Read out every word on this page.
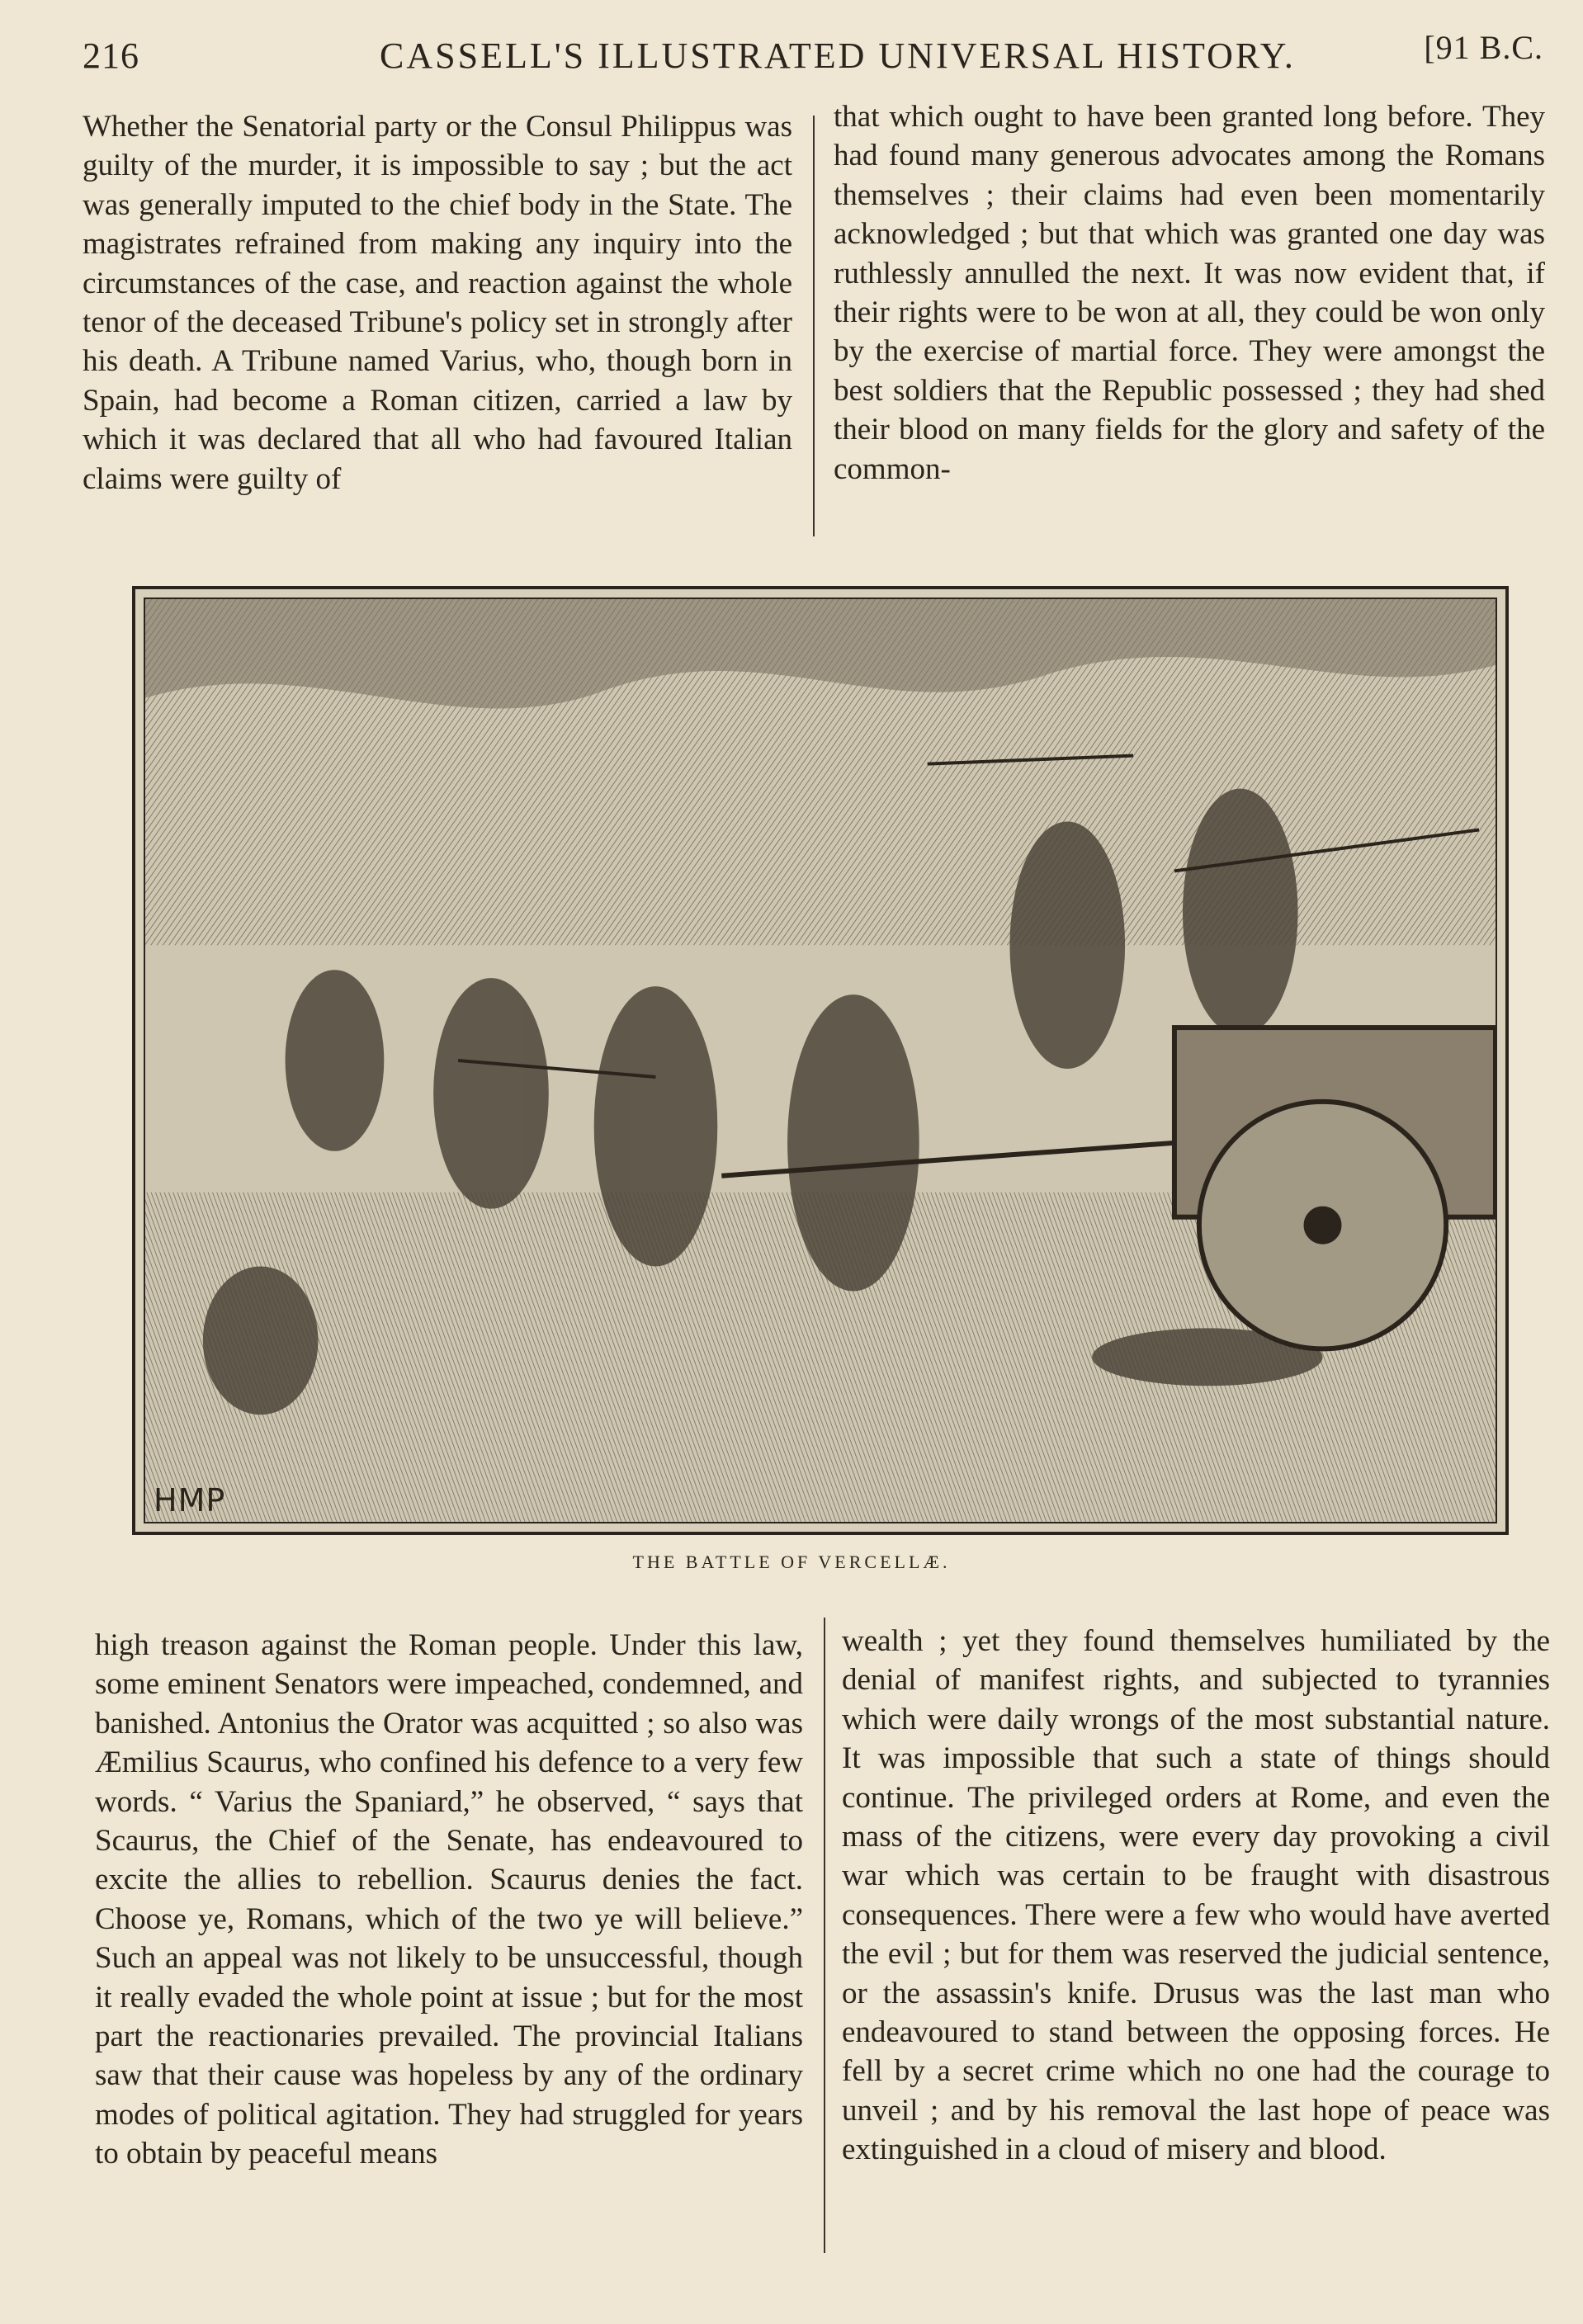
216	CASSELL'S ILLUSTRATED UNIVERSAL HISTORY.	[91 B.C.

Whether the Senatorial party or the Consul Philippus was guilty of the murder, it is impossible to say ; but the act was generally imputed to the chief body in the State. The magistrates refrained from making any inquiry into the circumstances of the case, and reaction against the whole tenor of the deceased Tribune's policy set in strongly after his death. A Tribune named Varius, who, though born in Spain, had become a Roman citizen, carried a law by which it was declared that all who had favoured Italian claims were guilty of

that which ought to have been granted long before. They had found many generous advocates among the Romans themselves ; their claims had even been momentarily acknowledged ; but that which was granted one day was ruthlessly annulled the next. It was now evident that, if their rights were to be won at all, they could be won only by the exercise of martial force. They were amongst the best soldiers that the Republic possessed ; they had shed their blood on many fields for the glory and safety of the common-

HMP
THE BATTLE OF VERCELLÆ.

high treason against the Roman people. Under this law, some eminent Senators were impeached, condemned, and banished. Antonius the Orator was acquitted ; so also was Æmilius Scaurus, who confined his defence to a very few words. “ Varius the Spaniard,” he observed, “ says that Scaurus, the Chief of the Senate, has endeavoured to excite the allies to rebellion. Scaurus denies the fact. Choose ye, Romans, which of the two ye will believe.” Such an appeal was not likely to be unsuccessful, though it really evaded the whole point at issue ; but for the most part the reactionaries prevailed. The provincial Italians saw that their cause was hopeless by any of the ordinary modes of political agitation. They had struggled for years to obtain by peaceful means

wealth ; yet they found themselves humiliated by the denial of manifest rights, and subjected to tyrannies which were daily wrongs of the most substantial nature. It was impossible that such a state of things should continue. The privileged orders at Rome, and even the mass of the citizens, were every day provoking a civil war which was certain to be fraught with disastrous consequences. There were a few who would have averted the evil ; but for them was reserved the judicial sentence, or the assassin's knife. Drusus was the last man who endeavoured to stand between the opposing forces. He fell by a secret crime which no one had the courage to unveil ; and by his removal the last hope of peace was extinguished in a cloud of misery and blood.
